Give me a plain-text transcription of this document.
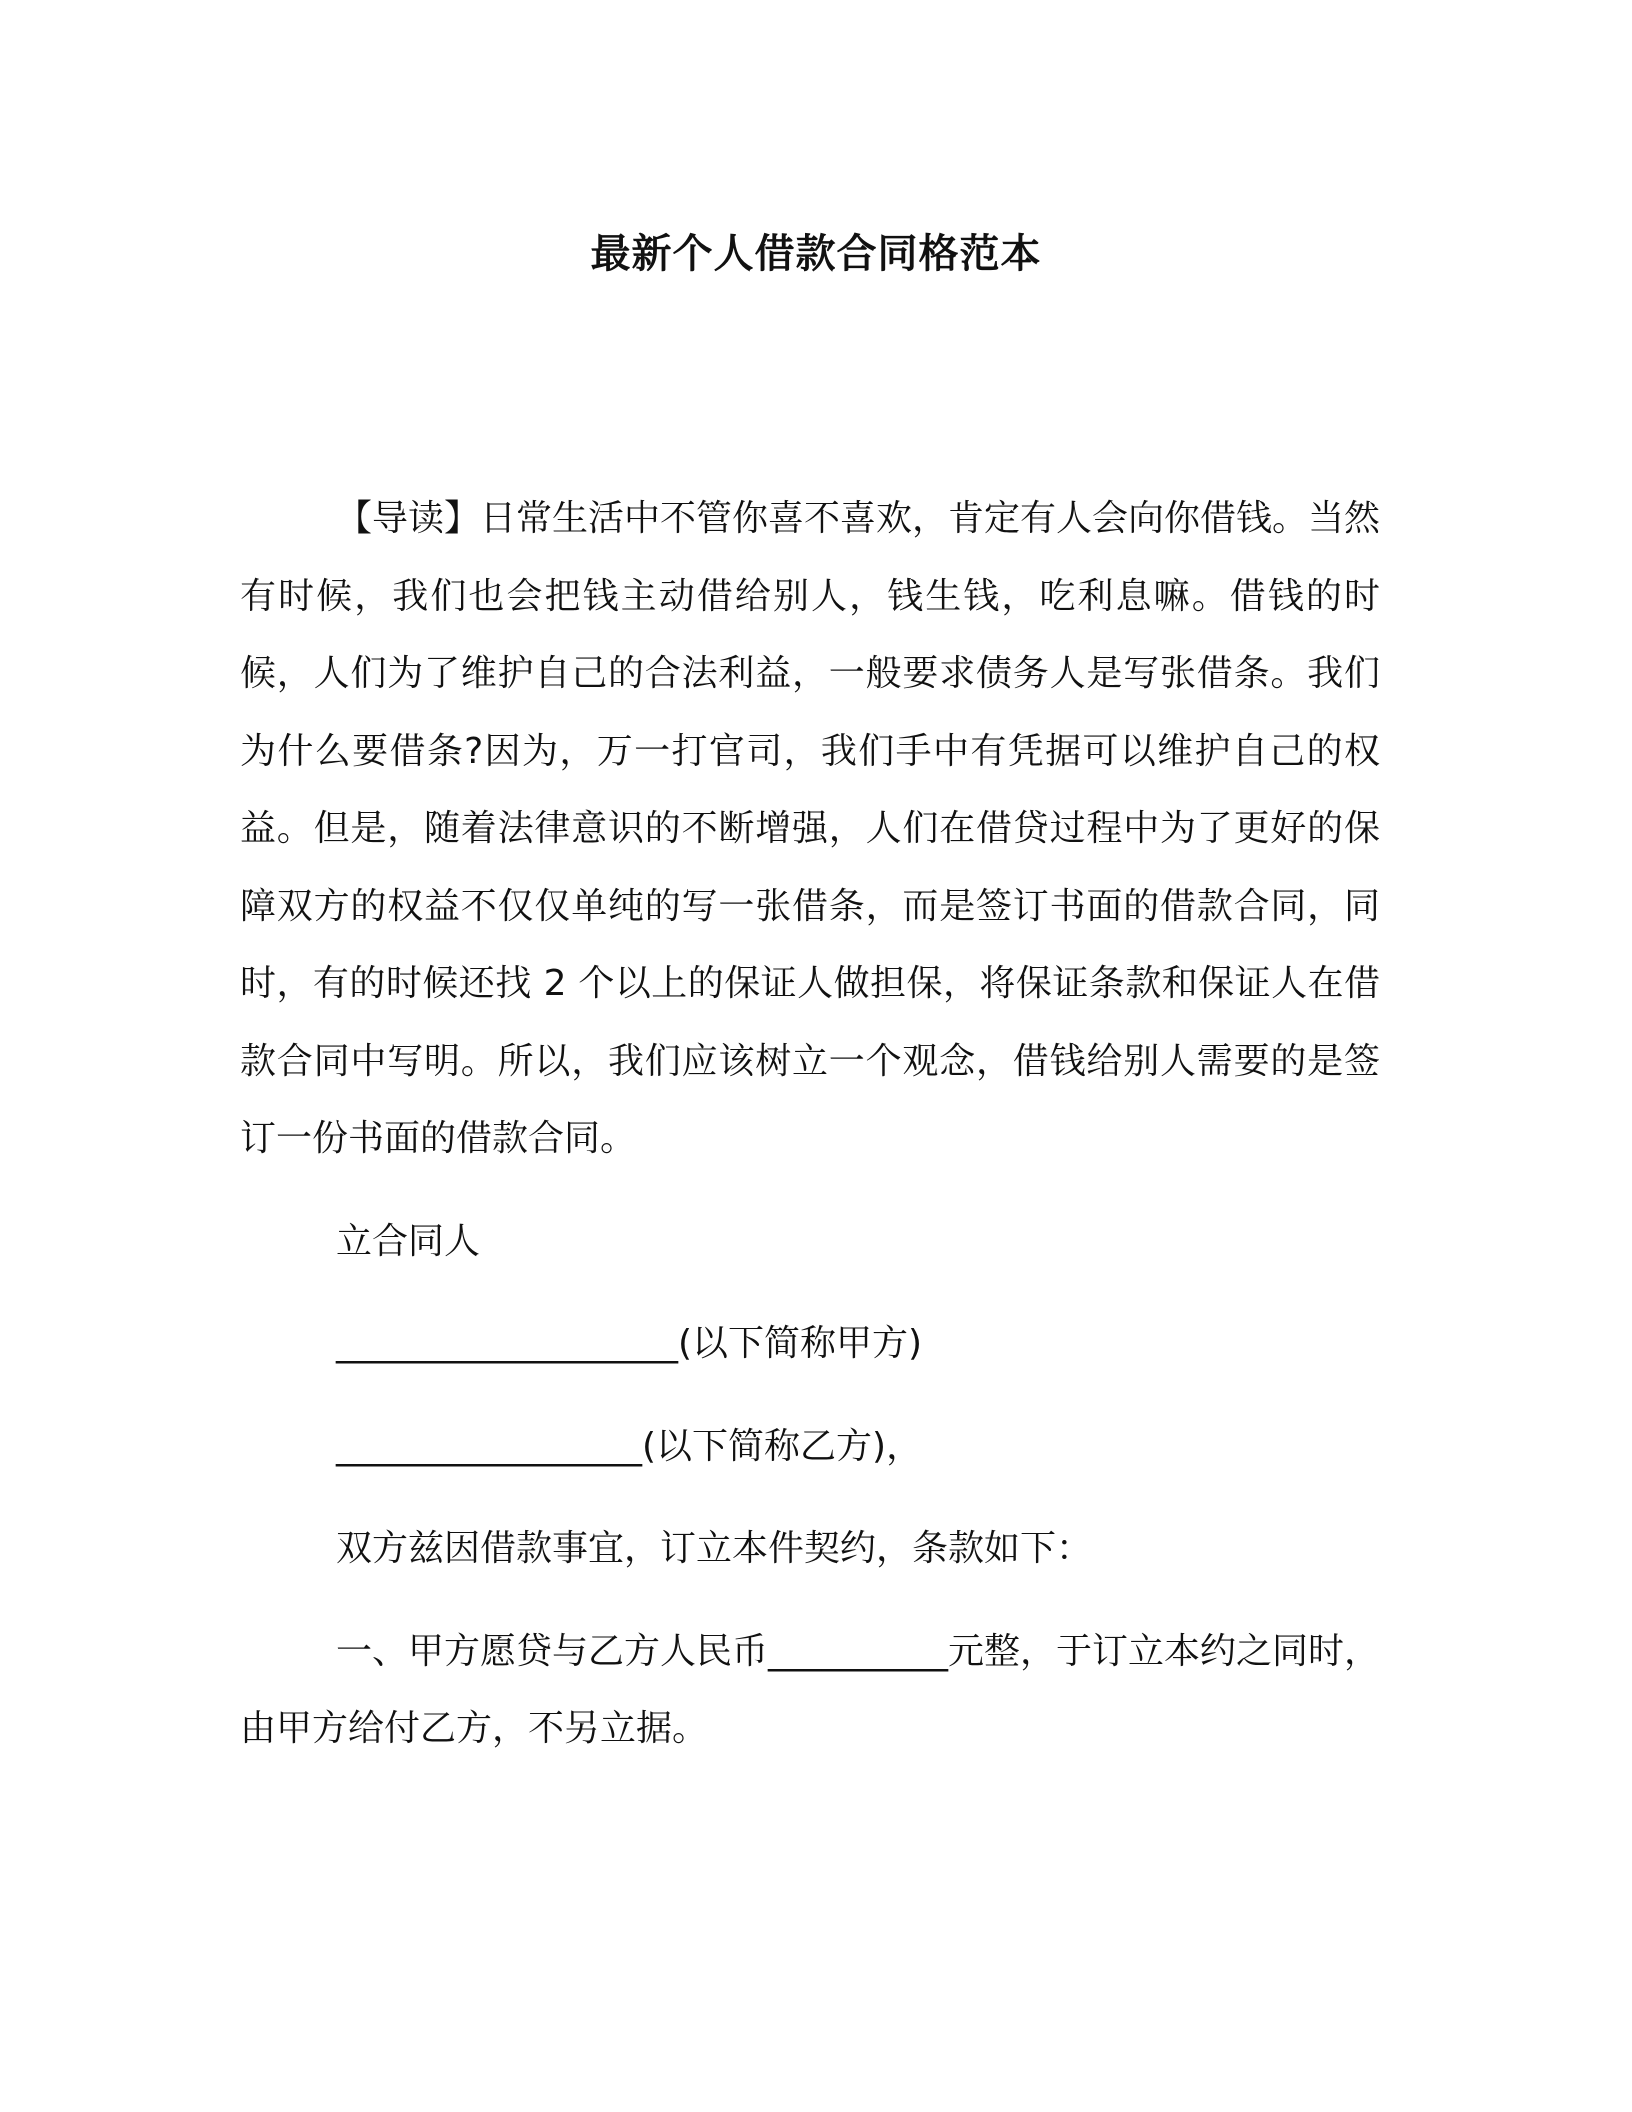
最新个人借款合同格范本

【导读】日常生活中不管你喜不喜欢，肯定有人会向你借钱。当然有时候，我们也会把钱主动借给别人，钱生钱，吃利息嘛。借钱的时候，人们为了维护自己的合法利益，一般要求债务人是写张借条。我们为什么要借条?因为，万一打官司，我们手中有凭据可以维护自己的权益。但是，随着法律意识的不断增强，人们在借贷过程中为了更好的保障双方的权益不仅仅单纯的写一张借条，而是签订书面的借款合同，同时，有的时候还找 2 个以上的保证人做担保，将保证条款和保证人在借款合同中写明。所以，我们应该树立一个观念，借钱给别人需要的是签订一份书面的借款合同。

立合同人

___________________(以下简称甲方)

_________________(以下简称乙方)，

双方兹因借款事宜，订立本件契约，条款如下：

一、甲方愿贷与乙方人民币__________元整，于订立本约之同时，由甲方给付乙方，不另立据。
